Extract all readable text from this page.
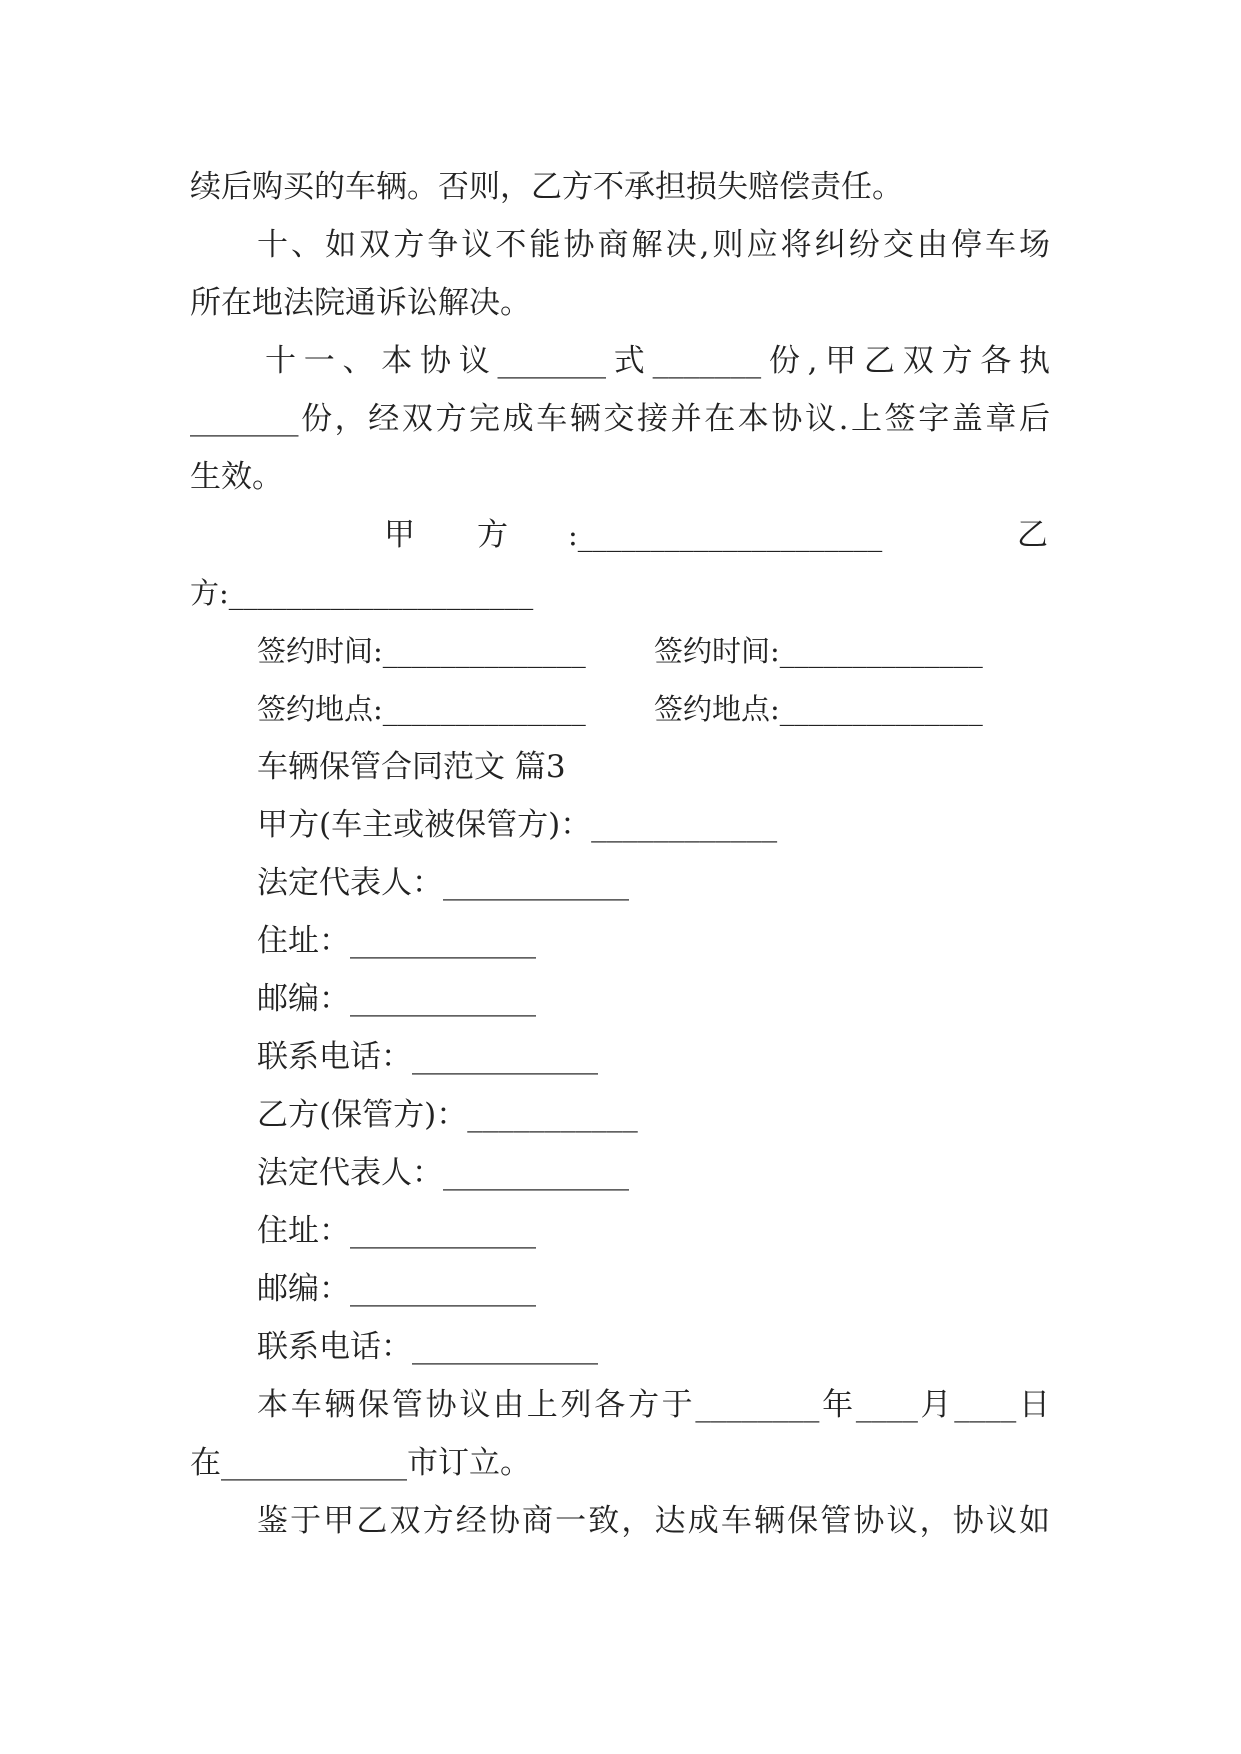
续后购买的车辆。否则，乙方不承担损失赔偿责任。
十、如双方争议不能协商解决,则应将纠纷交由停车场
所在地法院通诉讼解决。
十一、本协议_______式_______份,甲乙双方各执
_______份，经双方完成车辆交接并在本协议.上签字盖章后
生效。
甲 方 :_____________________	乙
方:_____________________
签约时间:______________ 签约时间:______________
签约地点:______________ 签约地点:______________
车辆保管合同范文 篇3
甲方(车主或被保管方)：____________
法定代表人：____________
住址：____________
邮编：____________
联系电话：____________
乙方(保管方)：___________
法定代表人：____________
住址：____________
邮编：____________
联系电话：____________
本车辆保管协议由上列各方于________年____月____日
在____________市订立。
鉴于甲乙双方经协商一致，达成车辆保管协议，协议如
